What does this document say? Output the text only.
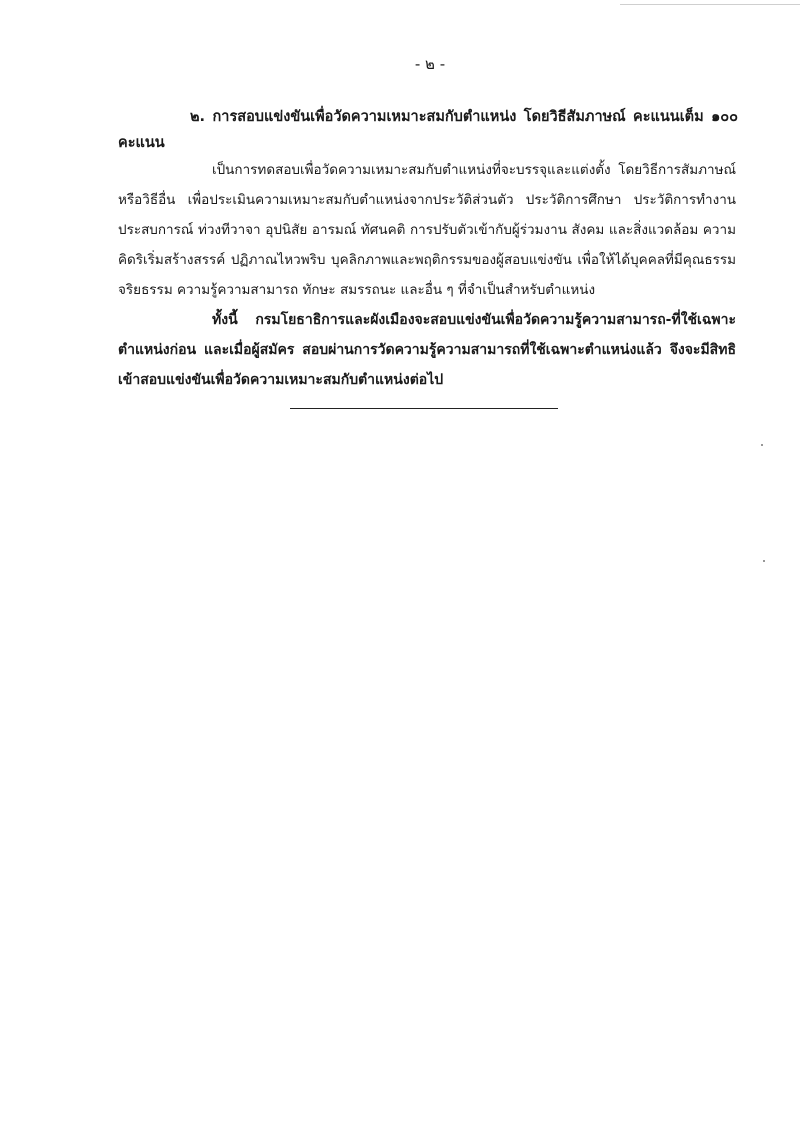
- ๒ -
๒. การสอบแข่งขันเพื่อวัดความเหมาะสมกับตำแหน่ง โดยวิธีสัมภาษณ์ คะแนนเต็ม ๑๐๐ คะแนน
เป็นการทดสอบเพื่อวัดความเหมาะสมกับตำแหน่งที่จะบรรจุและแต่งตั้ง โดยวิธีการสัมภาษณ์ หรือวิธีอื่น เพื่อประเมินความเหมาะสมกับตำแหน่งจากประวัติส่วนตัว ประวัติการศึกษา ประวัติการทำงาน ประสบการณ์ ท่วงทีวาจา อุปนิสัย อารมณ์ ทัศนคติ การปรับตัวเข้ากับผู้ร่วมงาน สังคม และสิ่งแวดล้อม ความคิดริเริ่มสร้างสรรค์ ปฏิภาณไหวพริบ บุคลิกภาพและพฤติกรรมของผู้สอบแข่งขัน เพื่อให้ได้บุคคลที่มีคุณธรรม จริยธรรม ความรู้ความสามารถ ทักษะ สมรรถนะ และอื่น ๆ ที่จำเป็นสำหรับตำแหน่ง
ทั้งนี้ กรมโยธาธิการและผังเมืองจะสอบแข่งขันเพื่อวัดความรู้ความสามารถ-ที่ใช้เฉพาะตำแหน่งก่อน และเมื่อผู้สมัคร สอบผ่านการวัดความรู้ความสามารถที่ใช้เฉพาะตำแหน่งแล้ว จึงจะมีสิทธิเข้าสอบแข่งขันเพื่อวัดความเหมาะสมกับตำแหน่งต่อไป
